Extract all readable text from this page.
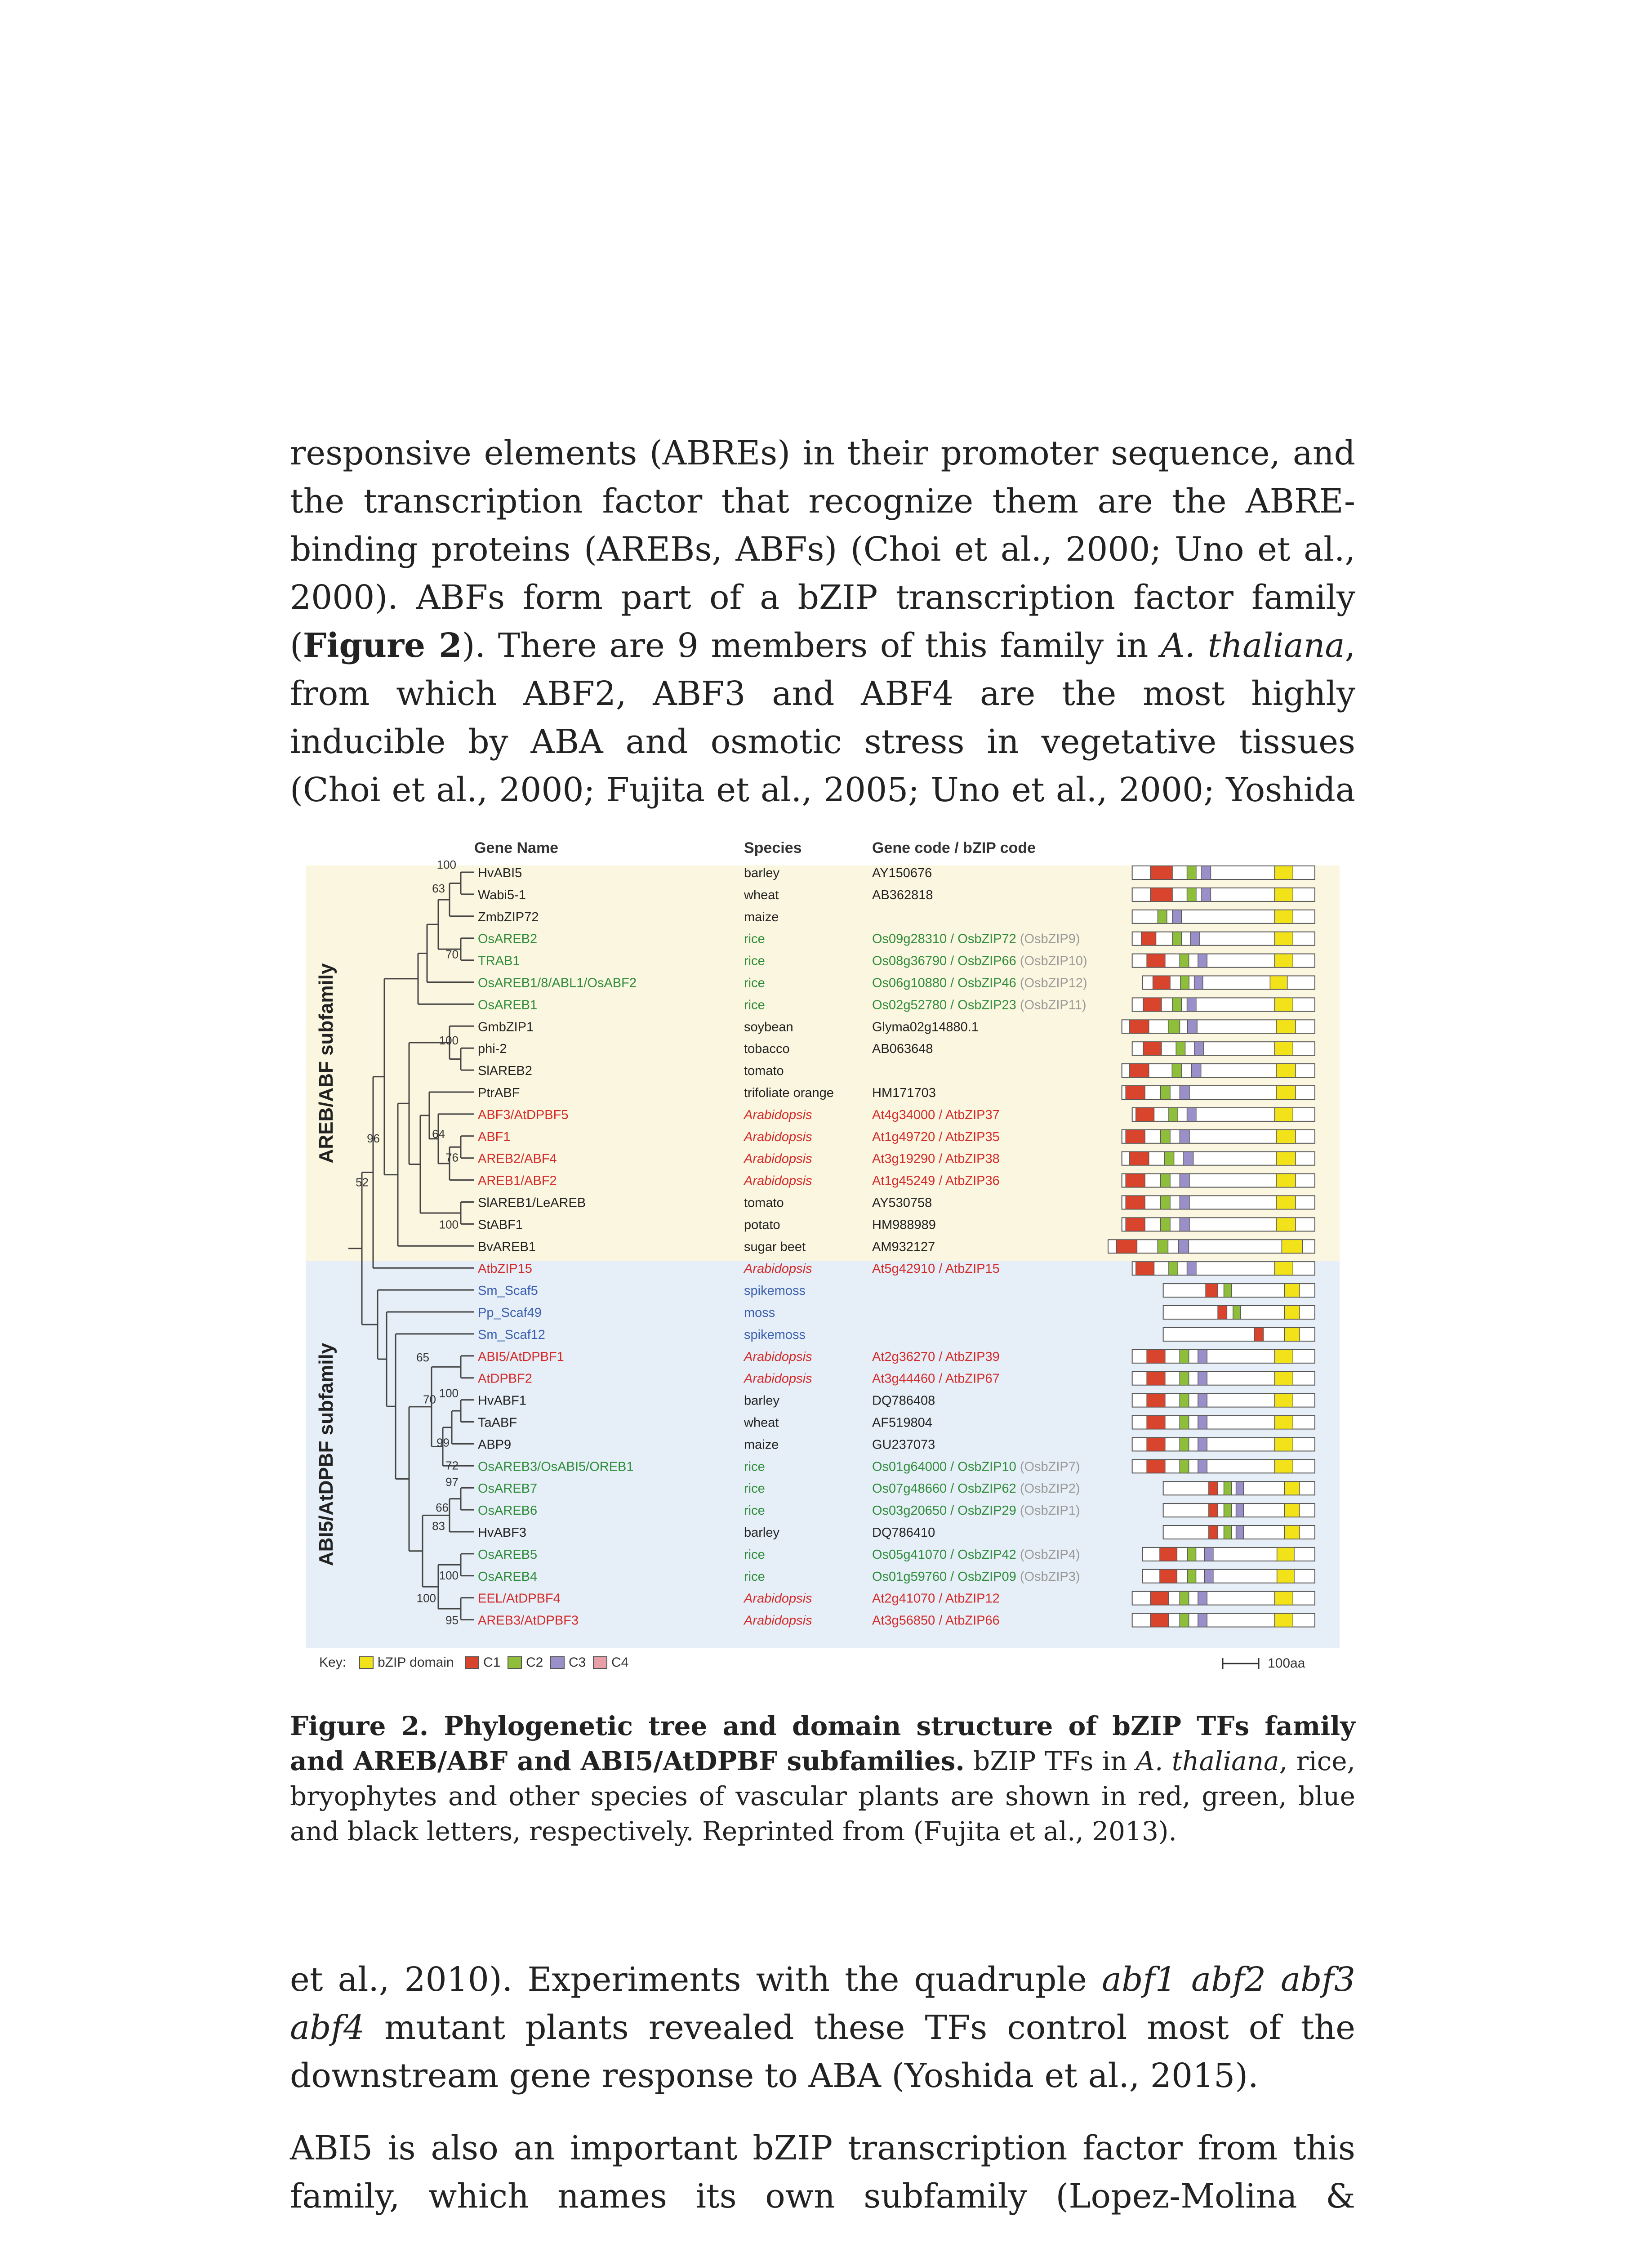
responsive elements (ABREs) in their promoter sequence, and
the transcription factor that recognize them are the ABRE-
binding proteins (AREBs, ABFs) (Choi et al., 2000; Uno et al.,
2000). ABFs form part of a bZIP transcription factor family
(Figure 2). There are 9 members of this family in A. thaliana,
from which ABF2, ABF3 and ABF4 are the most highly
inducible by ABA and osmotic stress in vegetative tissues
(Choi et al., 2000; Fujita et al., 2005; Uno et al., 2000; Yoshida
Gene Name	Species	Gene code / bZIP code
AREB/ABF subfamily
ABI5/AtDPBF subfamily
100
63
70
100
76
64
100
96
52
100
99
72
65
70
97
66
83
100
95
100
HvABI5	barley	AY150676
Wabi5-1	wheat	AB362818
ZmbZIP72	maize
OsAREB2	rice	Os09g28310 / OsbZIP72 (OsbZIP9)
TRAB1	rice	Os08g36790 / OsbZIP66 (OsbZIP10)
OsAREB1/8/ABL1/OsABF2	rice	Os06g10880 / OsbZIP46 (OsbZIP12)
OsAREB1	rice	Os02g52780 / OsbZIP23 (OsbZIP11)
GmbZIP1	soybean	Glyma02g14880.1
phi-2	tobacco	AB063648
SlAREB2	tomato
PtrABF	trifoliate orange	HM171703
ABF3/AtDPBF5	Arabidopsis	At4g34000 / AtbZIP37
ABF1	Arabidopsis	At1g49720 / AtbZIP35
AREB2/ABF4	Arabidopsis	At3g19290 / AtbZIP38
AREB1/ABF2	Arabidopsis	At1g45249 / AtbZIP36
SlAREB1/LeAREB	tomato	AY530758
StABF1	potato	HM988989
BvAREB1	sugar beet	AM932127
AtbZIP15	Arabidopsis	At5g42910 / AtbZIP15
Sm_Scaf5	spikemoss
Pp_Scaf49	moss
Sm_Scaf12	spikemoss
ABI5/AtDPBF1	Arabidopsis	At2g36270 / AtbZIP39
AtDPBF2	Arabidopsis	At3g44460 / AtbZIP67
HvABF1	barley	DQ786408
TaABF	wheat	AF519804
ABP9	maize	GU237073
OsAREB3/OsABI5/OREB1	rice	Os01g64000 / OsbZIP10 (OsbZIP7)
OsAREB7	rice	Os07g48660 / OsbZIP62 (OsbZIP2)
OsAREB6	rice	Os03g20650 / OsbZIP29 (OsbZIP1)
HvABF3	barley	DQ786410
OsAREB5	rice	Os05g41070 / OsbZIP42 (OsbZIP4)
OsAREB4	rice	Os01g59760 / OsbZIP09 (OsbZIP3)
EEL/AtDPBF4	Arabidopsis	At2g41070 / AtbZIP12
AREB3/AtDPBF3	Arabidopsis	At3g56850 / AtbZIP66
Key: bZIP domain C1 C2 C3 C4	100aa
Figure 2. Phylogenetic tree and domain structure of bZIP TFs family and AREB/ABF and ABI5/AtDPBF subfamilies. bZIP TFs in A. thaliana, rice, bryophytes and other species of vascular plants are shown in red, green, blue and black letters, respectively. Reprinted from (Fujita et al., 2013).
et al., 2010). Experiments with the quadruple abf1 abf2 abf3 abf4 mutant plants revealed these TFs control most of the downstream gene response to ABA (Yoshida et al., 2015).
ABI5 is also an important bZIP transcription factor from this family, which names its own subfamily (Lopez-Molina &
